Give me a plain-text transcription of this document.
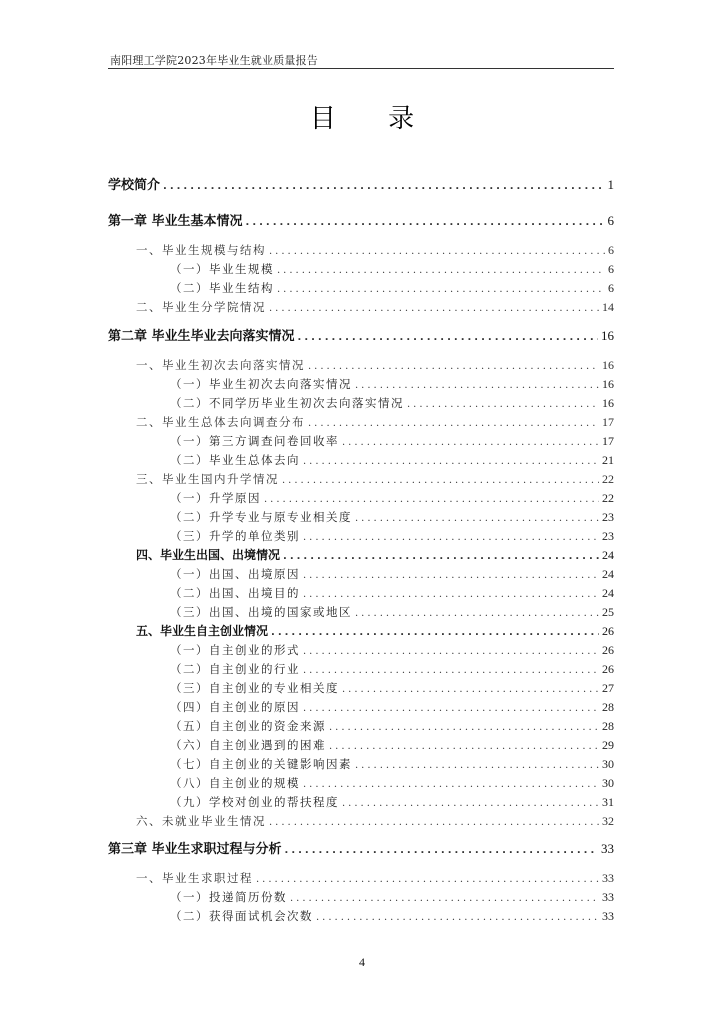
南阳理工学院2023年毕业生就业质量报告
目 录
学校简介 .....	1
第一章 毕业生基本情况 .....	6
一、毕业生规模与结构 .....	6
（一）毕业生规模 .....	6
（二）毕业生结构 .....	6
二、毕业生分学院情况 .....	14
第二章 毕业生毕业去向落实情况 .....	16
一、毕业生初次去向落实情况 .....	16
（一）毕业生初次去向落实情况 .....	16
（二）不同学历毕业生初次去向落实情况 .....	16
二、毕业生总体去向调查分布 .....	17
（一）第三方调查问卷回收率 .....	17
（二）毕业生总体去向 .....	21
三、毕业生国内升学情况 .....	22
（一）升学原因 .....	22
（二）升学专业与原专业相关度 .....	23
（三）升学的单位类别 .....	23
四、毕业生出国、出境情况 .....	24
（一）出国、出境原因 .....	24
（二）出国、出境目的 .....	24
（三）出国、出境的国家或地区 .....	25
五、毕业生自主创业情况 .....	26
（一）自主创业的形式 .....	26
（二）自主创业的行业 .....	26
（三）自主创业的专业相关度 .....	27
（四）自主创业的原因 .....	28
（五）自主创业的资金来源 .....	28
（六）自主创业遇到的困难 .....	29
（七）自主创业的关键影响因素 .....	30
（八）自主创业的规模 .....	30
（九）学校对创业的帮扶程度 .....	31
六、未就业毕业生情况 .....	32
第三章 毕业生求职过程与分析 .....	33
一、毕业生求职过程 .....	33
（一）投递简历份数 .....	33
（二）获得面试机会次数 .....	33
4
